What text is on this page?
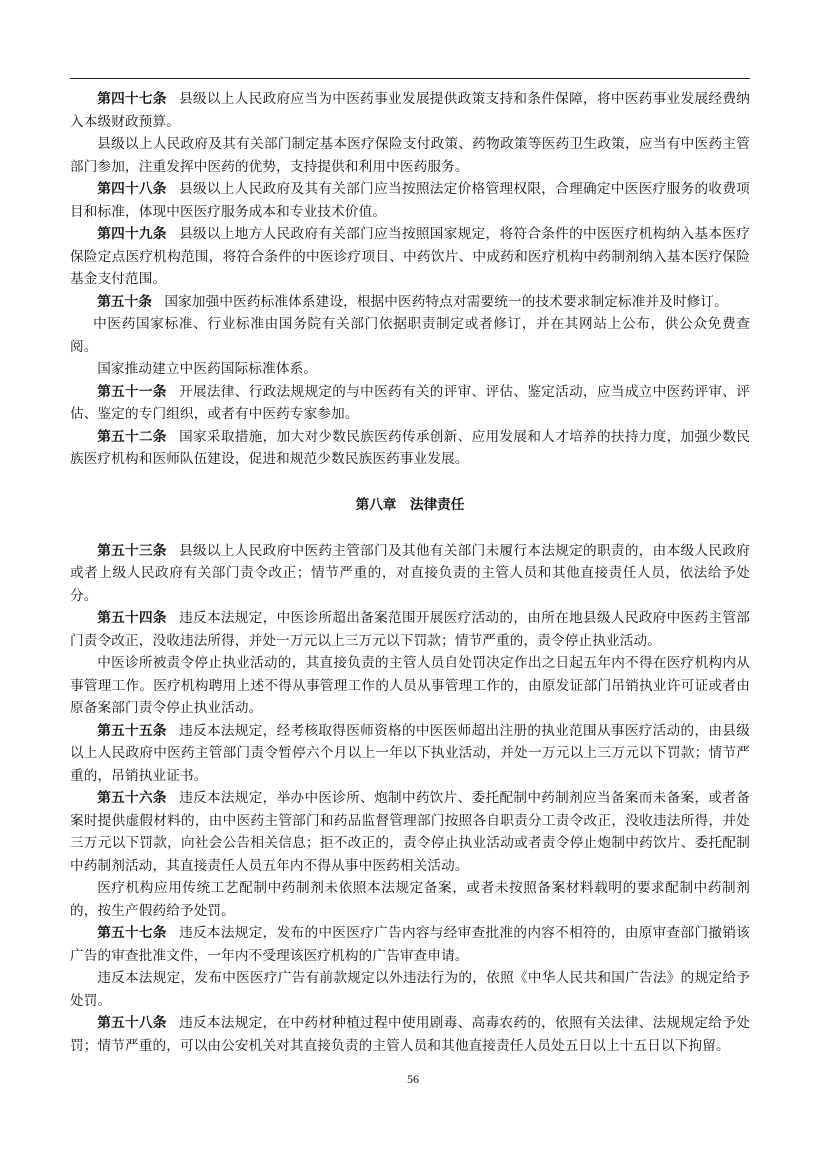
第四十七条 县级以上人民政府应当为中医药事业发展提供政策支持和条件保障，将中医药事业发展经费纳入本级财政预算。

县级以上人民政府及其有关部门制定基本医疗保险支付政策、药物政策等医药卫生政策，应当有中医药主管部门参加，注重发挥中医药的优势，支持提供和利用中医药服务。

第四十八条 县级以上人民政府及其有关部门应当按照法定价格管理权限，合理确定中医医疗服务的收费项目和标准，体现中医医疗服务成本和专业技术价值。

第四十九条 县级以上地方人民政府有关部门应当按照国家规定，将符合条件的中医医疗机构纳入基本医疗保险定点医疗机构范围，将符合条件的中医诊疗项目、中药饮片、中成药和医疗机构中药制剂纳入基本医疗保险基金支付范围。

第五十条 国家加强中医药标准体系建设，根据中医药特点对需要统一的技术要求制定标准并及时修订。

中医药国家标准、行业标准由国务院有关部门依据职责制定或者修订，并在其网站上公布，供公众免费查阅。

国家推动建立中医药国际标准体系。

第五十一条 开展法律、行政法规规定的与中医药有关的评审、评估、鉴定活动，应当成立中医药评审、评估、鉴定的专门组织，或者有中医药专家参加。

第五十二条 国家采取措施，加大对少数民族医药传承创新、应用发展和人才培养的扶持力度，加强少数民族医疗机构和医师队伍建设，促进和规范少数民族医药事业发展。

第八章　法律责任

第五十三条 县级以上人民政府中医药主管部门及其他有关部门未履行本法规定的职责的，由本级人民政府或者上级人民政府有关部门责令改正；情节严重的，对直接负责的主管人员和其他直接责任人员，依法给予处分。

第五十四条 违反本法规定，中医诊所超出备案范围开展医疗活动的，由所在地县级人民政府中医药主管部门责令改正，没收违法所得，并处一万元以上三万元以下罚款；情节严重的，责令停止执业活动。

中医诊所被责令停止执业活动的，其直接负责的主管人员自处罚决定作出之日起五年内不得在医疗机构内从事管理工作。医疗机构聘用上述不得从事管理工作的人员从事管理工作的，由原发证部门吊销执业许可证或者由原备案部门责令停止执业活动。

第五十五条 违反本法规定，经考核取得医师资格的中医医师超出注册的执业范围从事医疗活动的，由县级以上人民政府中医药主管部门责令暂停六个月以上一年以下执业活动，并处一万元以上三万元以下罚款；情节严重的，吊销执业证书。

第五十六条 违反本法规定，举办中医诊所、炮制中药饮片、委托配制中药制剂应当备案而未备案，或者备案时提供虚假材料的，由中医药主管部门和药品监督管理部门按照各自职责分工责令改正，没收违法所得，并处三万元以下罚款，向社会公告相关信息；拒不改正的，责令停止执业活动或者责令停止炮制中药饮片、委托配制中药制剂活动，其直接责任人员五年内不得从事中医药相关活动。

医疗机构应用传统工艺配制中药制剂未依照本法规定备案，或者未按照备案材料载明的要求配制中药制剂的，按生产假药给予处罚。

第五十七条 违反本法规定，发布的中医医疗广告内容与经审查批准的内容不相符的，由原审查部门撤销该广告的审查批准文件，一年内不受理该医疗机构的广告审查申请。

违反本法规定，发布中医医疗广告有前款规定以外违法行为的，依照《中华人民共和国广告法》的规定给予处罚。

第五十八条 违反本法规定，在中药材种植过程中使用剧毒、高毒农药的，依照有关法律、法规规定给予处罚；情节严重的，可以由公安机关对其直接负责的主管人员和其他直接责任人员处五日以上十五日以下拘留。

56
